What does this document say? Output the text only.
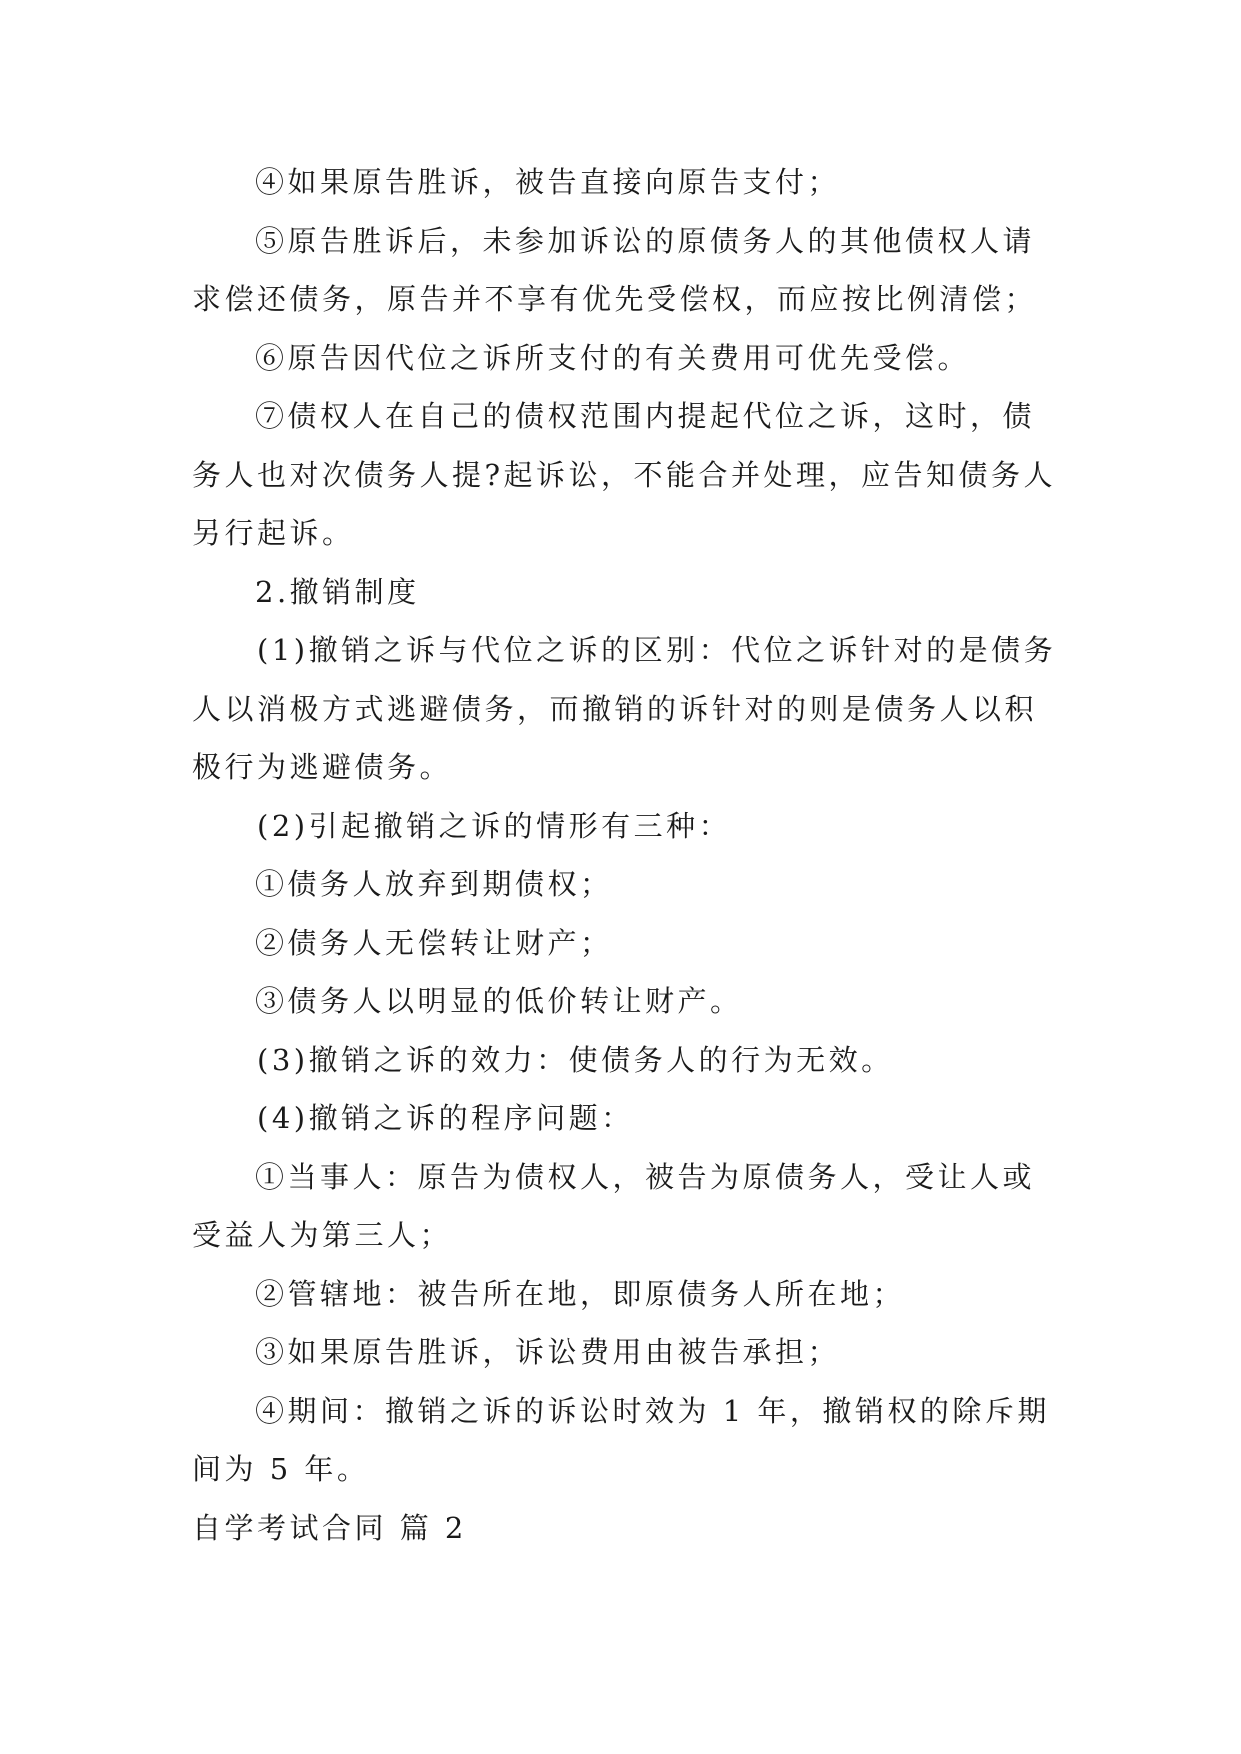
④如果原告胜诉，被告直接向原告支付；

⑤原告胜诉后，未参加诉讼的原债务人的其他债权人请求偿还债务，原告并不享有优先受偿权，而应按比例清偿；

⑥原告因代位之诉所支付的有关费用可优先受偿。

⑦债权人在自己的债权范围内提起代位之诉，这时，债务人也对次债务人提?起诉讼，不能合并处理，应告知债务人另行起诉。

2.撤销制度

(1)撤销之诉与代位之诉的区别：代位之诉针对的是债务人以消极方式逃避债务，而撤销的诉针对的则是债务人以积极行为逃避债务。

(2)引起撤销之诉的情形有三种：

①债务人放弃到期债权；

②债务人无偿转让财产；

③债务人以明显的低价转让财产。

(3)撤销之诉的效力：使债务人的行为无效。

(4)撤销之诉的程序问题：

①当事人：原告为债权人，被告为原债务人，受让人或受益人为第三人；

②管辖地：被告所在地，即原债务人所在地；

③如果原告胜诉，诉讼费用由被告承担；

④期间：撤销之诉的诉讼时效为 1 年，撤销权的除斥期间为 5 年。

自学考试合同 篇 2
